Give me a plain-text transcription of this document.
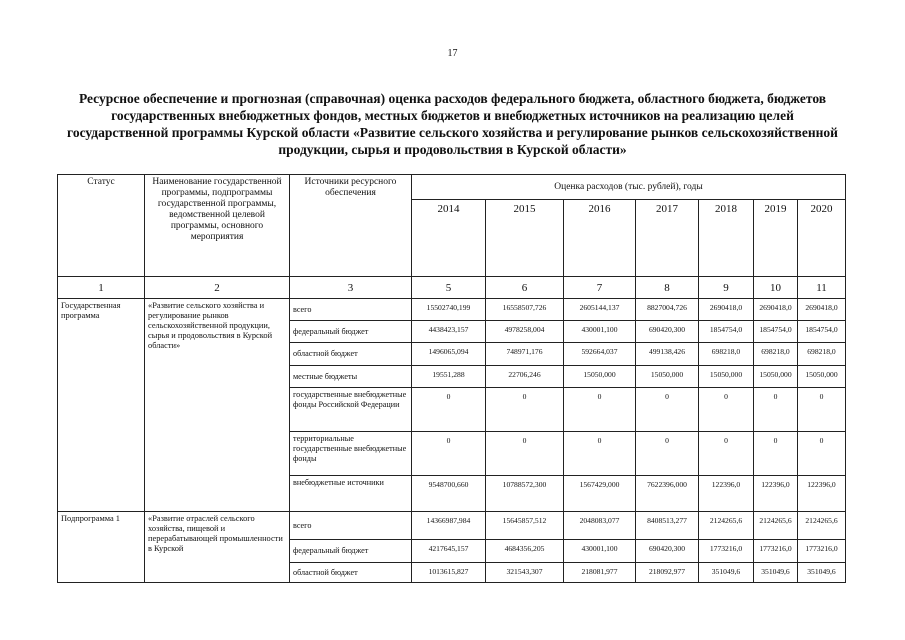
17
Ресурсное обеспечение и прогнозная (справочная) оценка расходов федерального бюджета, областного бюджета, бюджетов государственных внебюджетных фондов, местных бюджетов и внебюджетных источников на реализацию целей государственной программы Курской области «Развитие сельского хозяйства и регулирование рынков сельскохозяйственной продукции, сырья и продовольствия в Курской области»
Статус	Наименование государственной программы, подпрограммы государственной программы, ведомственной целевой программы, основного мероприятия	Источники ресурсного обеспечения	Оценка расходов (тыс. рублей), годы						
			2014	2015	2016	2017	2018	2019	2020
1	2	3	5	6	7	8	9	10	11
Государственная программа	«Развитие сельского хозяйства и регулирование рынков сельскохозяйственной продукции, сырья и продовольствия в Курской области»	всего	15502740,199	16558507,726	2605144,137	8827004,726	2690418,0	2690418,0	2690418,0
		федеральный бюджет	4438423,157	4978258,004	430001,100	690420,300	1854754,0	1854754,0	1854754,0
		областной бюджет	1496065,094	748971,176	592664,037	499138,426	698218,0	698218,0	698218,0
		местные бюджеты	19551,288	22706,246	15050,000	15050,000	15050,000	15050,000	15050,000
		государственные внебюджетные фонды Российской Федерации	0	0	0	0	0	0	0
		территориальные государственные внебюджетные фонды	0	0	0	0	0	0	0
		внебюджетные источники	9548700,660	10788572,300	1567429,000	7622396,000	122396,0	122396,0	122396,0
Подпрограмма 1	«Развитие отраслей сельского хозяйства, пищевой и перерабатывающей промышленности в Курской	всего	14366987,984	15645857,512	2048083,077	8408513,277	2124265,6	2124265,6	2124265,6
		федеральный бюджет	4217645,157	4684356,205	430001,100	690420,300	1773216,0	1773216,0	1773216,0
		областной бюджет	1013615,827	321543,307	218081,977	218092,977	351049,6	351049,6	351049,6
